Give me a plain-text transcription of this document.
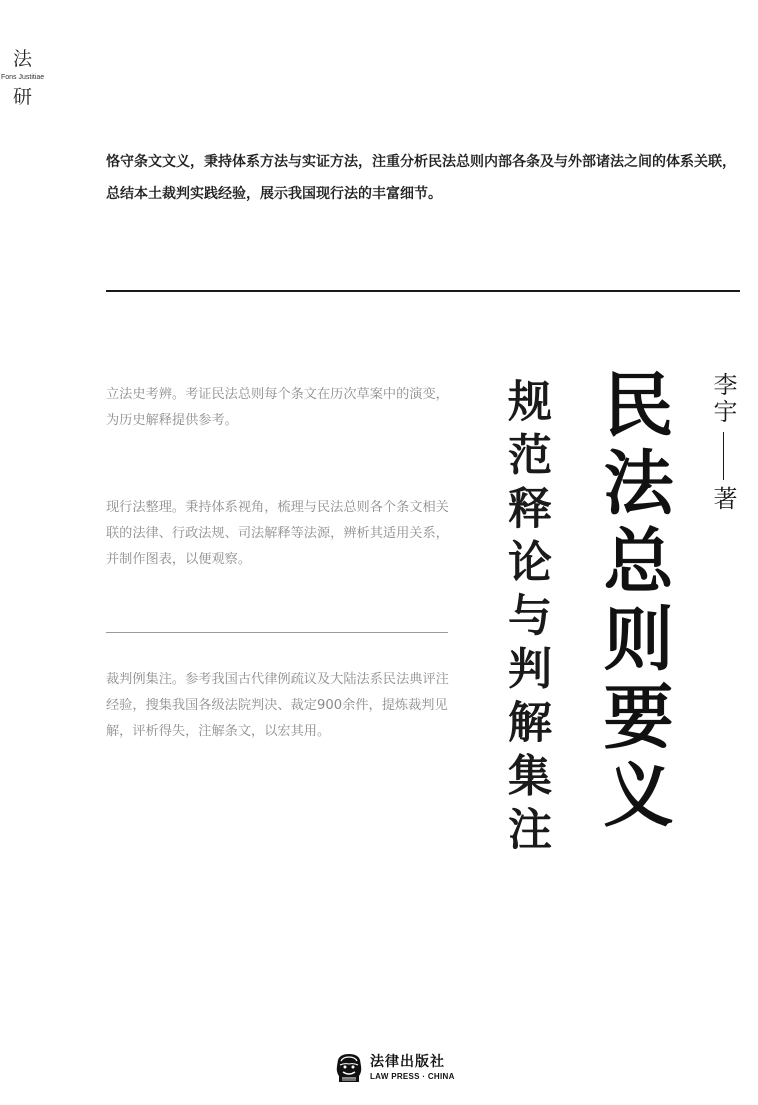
法
Fons Justitiae
研
恪守条文文义，秉持体系方法与实证方法，注重分析民法总则内部各条及与外部诸法之间的体系关联，总结本土裁判实践经验，展示我国现行法的丰富细节。
立法史考辨。考证民法总则每个条文在历次草案中的演变，为历史解释提供参考。
现行法整理。秉持体系视角，梳理与民法总则各个条文相关联的法律、行政法规、司法解释等法源，辨析其适用关系，并制作图表，以便观察。
裁判例集注。参考我国古代律例疏议及大陆法系民法典评注经验，搜集我国各级法院判决、裁定900余件，提炼裁判见解，评析得失，注解条文，以宏其用。	规范释论与判解集注 民法总则要义 李宇
著
法律出版社
LAW PRESS · CHINA
